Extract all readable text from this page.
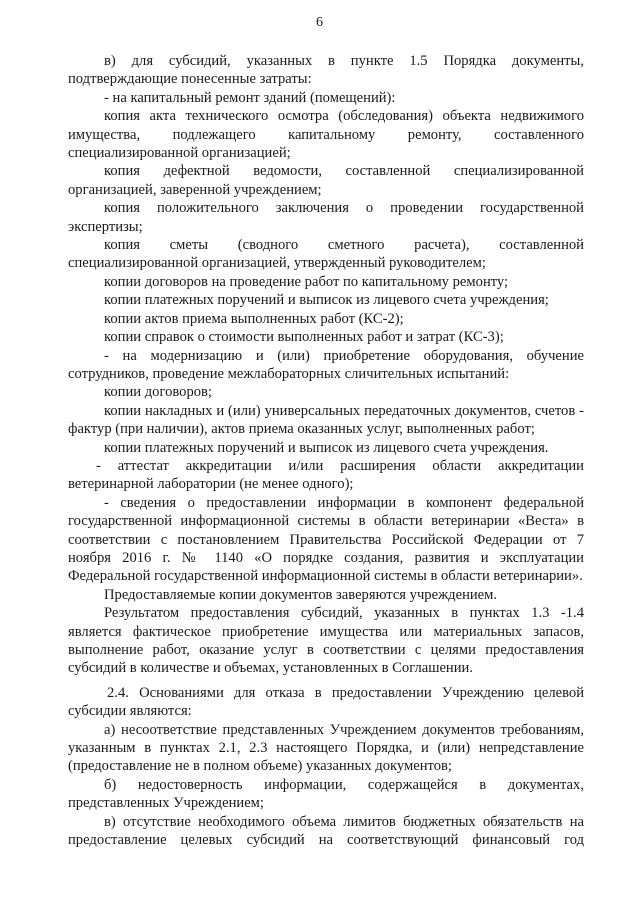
6

в) для субсидий, указанных в пункте 1.5 Порядка документы, подтверждающие понесенные затраты:

- на капитальный ремонт зданий (помещений):

копия акта технического осмотра (обследования) объекта недвижимого имущества, подлежащего капитальному ремонту, составленного специализированной организацией;

копия дефектной ведомости, составленной специализированной организацией, заверенной учреждением;

копия положительного заключения о проведении государственной экспертизы;

копия сметы (сводного сметного расчета), составленной специализированной организацией, утвержденный руководителем;

копии договоров на проведение работ по капитальному ремонту;

копии платежных поручений и выписок из лицевого счета учреждения;

копии актов приема выполненных работ (КС-2);

копии справок о стоимости выполненных работ и затрат (КС-3);

- на модернизацию и (или) приобретение оборудования, обучение сотрудников, проведение межлабораторных сличительных испытаний:

копии договоров;

копии накладных и (или) универсальных передаточных документов, счетов - фактур (при наличии), актов приема оказанных услуг, выполненных работ;

копии платежных поручений и выписок из лицевого счета учреждения.

- аттестат аккредитации и/или расширения области аккредитации ветеринарной лаборатории (не менее одного);

- сведения о предоставлении информации в компонент федеральной государственной информационной системы в области ветеринарии «Веста» в соответствии с постановлением Правительства Российской Федерации от 7 ноября 2016 г. № 1140 «О порядке создания, развития и эксплуатации Федеральной государственной информационной системы в области ветеринарии».

Предоставляемые копии документов заверяются учреждением.

Результатом предоставления субсидий, указанных в пунктах 1.3 -1.4 является фактическое приобретение имущества или материальных запасов, выполнение работ, оказание услуг в соответствии с целями предоставления субсидий в количестве и объемах, установленных в Соглашении.

2.4. Основаниями для отказа в предоставлении Учреждению целевой субсидии являются:

а) несоответствие представленных Учреждением документов требованиям, указанным в пунктах 2.1, 2.3 настоящего Порядка, и (или) непредставление (предоставление не в полном объеме) указанных документов;

б) недостоверность информации, содержащейся в документах, представленных Учреждением;

в) отсутствие необходимого объема лимитов бюджетных обязательств на предоставление целевых субсидий на соответствующий финансовый год
